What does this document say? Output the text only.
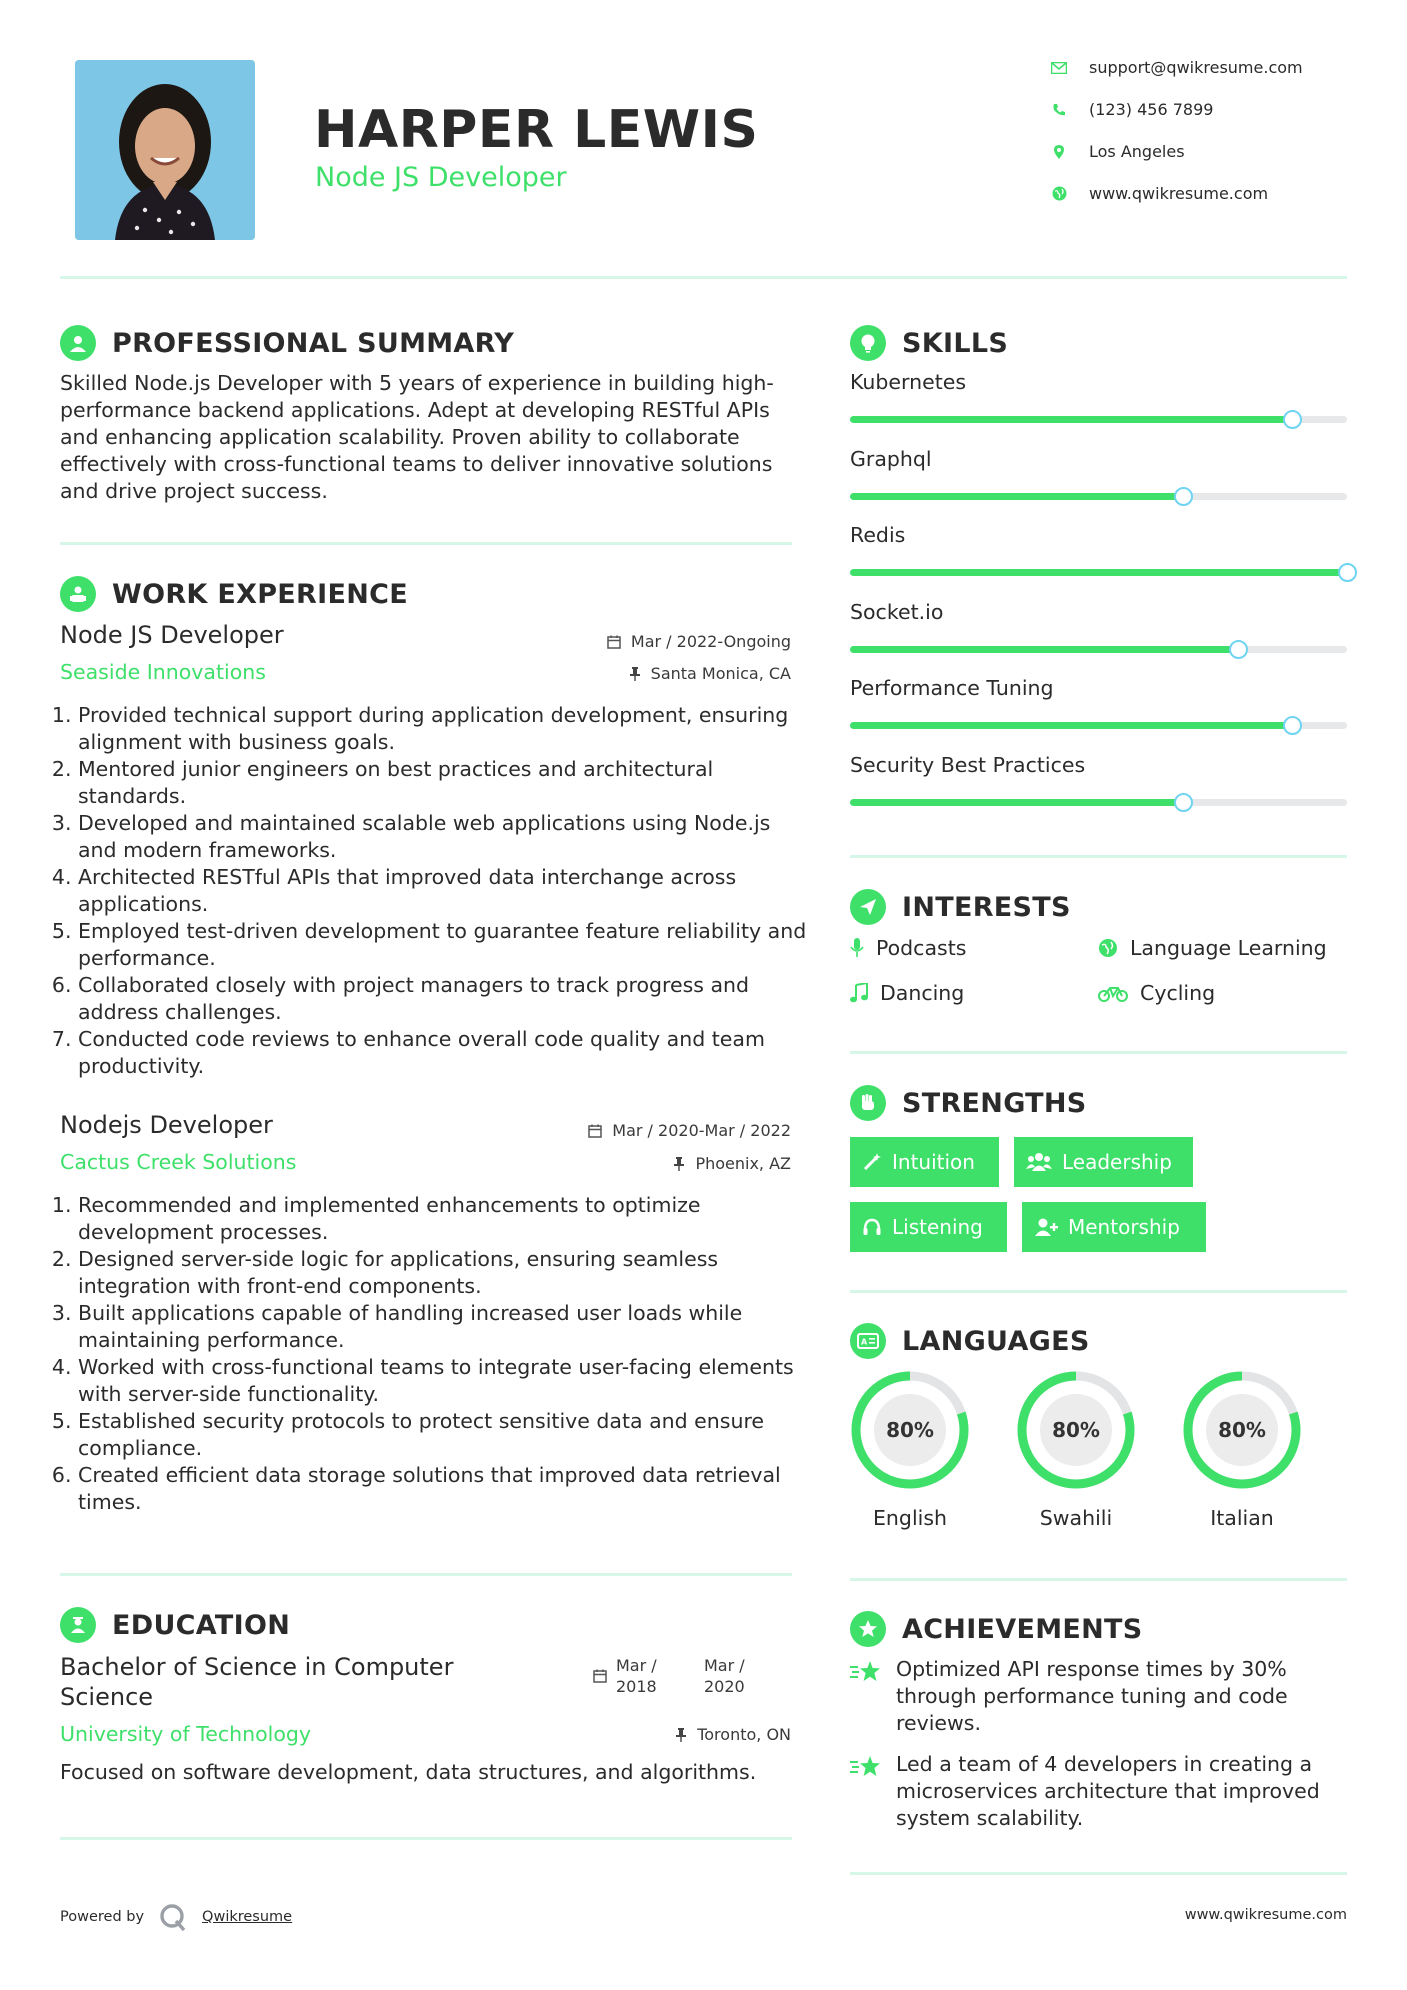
HARPER LEWIS
Node JS Developer
support@qwikresume.com
(123) 456 7899
Los Angeles
www.qwikresume.com
PROFESSIONAL SUMMARY
Skilled Node.js Developer with 5 years of experience in building high-performance backend applications. Adept at developing RESTful APIs and enhancing application scalability. Proven ability to collaborate effectively with cross-functional teams to deliver innovative solutions and drive project success.
WORK EXPERIENCE
Node JS Developer	Mar / 2022-Ongoing
Seaside Innovations	Santa Monica, CA
1. Provided technical support during application development, ensuring alignment with business goals.
2. Mentored junior engineers on best practices and architectural standards.
3. Developed and maintained scalable web applications using Node.js and modern frameworks.
4. Architected RESTful APIs that improved data interchange across applications.
5. Employed test-driven development to guarantee feature reliability and performance.
6. Collaborated closely with project managers to track progress and address challenges.
7. Conducted code reviews to enhance overall code quality and team productivity.
Nodejs Developer	Mar / 2020-Mar / 2022
Cactus Creek Solutions	Phoenix, AZ
1. Recommended and implemented enhancements to optimize development processes.
2. Designed server-side logic for applications, ensuring seamless integration with front-end components.
3. Built applications capable of handling increased user loads while maintaining performance.
4. Worked with cross-functional teams to integrate user-facing elements with server-side functionality.
5. Established security protocols to protect sensitive data and ensure compliance.
6. Created efficient data storage solutions that improved data retrieval times.
EDUCATION
Bachelor of Science in Computer Science
Mar / 2018
Mar / 2020
University of Technology	Toronto, ON
Focused on software development, data structures, and algorithms.
SKILLS
Kubernetes
Graphql
Redis
Socket.io
Performance Tuning
Security Best Practices
INTERESTS
Podcasts	Language Learning
Dancing	Cycling
STRENGTHS
Intuition	Leadership
Listening	Mentorship
A LANGUAGES
80%
English
80%
Swahili
80%
Italian
ACHIEVEMENTS
Optimized API response times by 30% through performance tuning and code reviews.
Led a team of 4 developers in creating a microservices architecture that improved system scalability.
Powered by	Qwikresume	www.qwikresume.com
